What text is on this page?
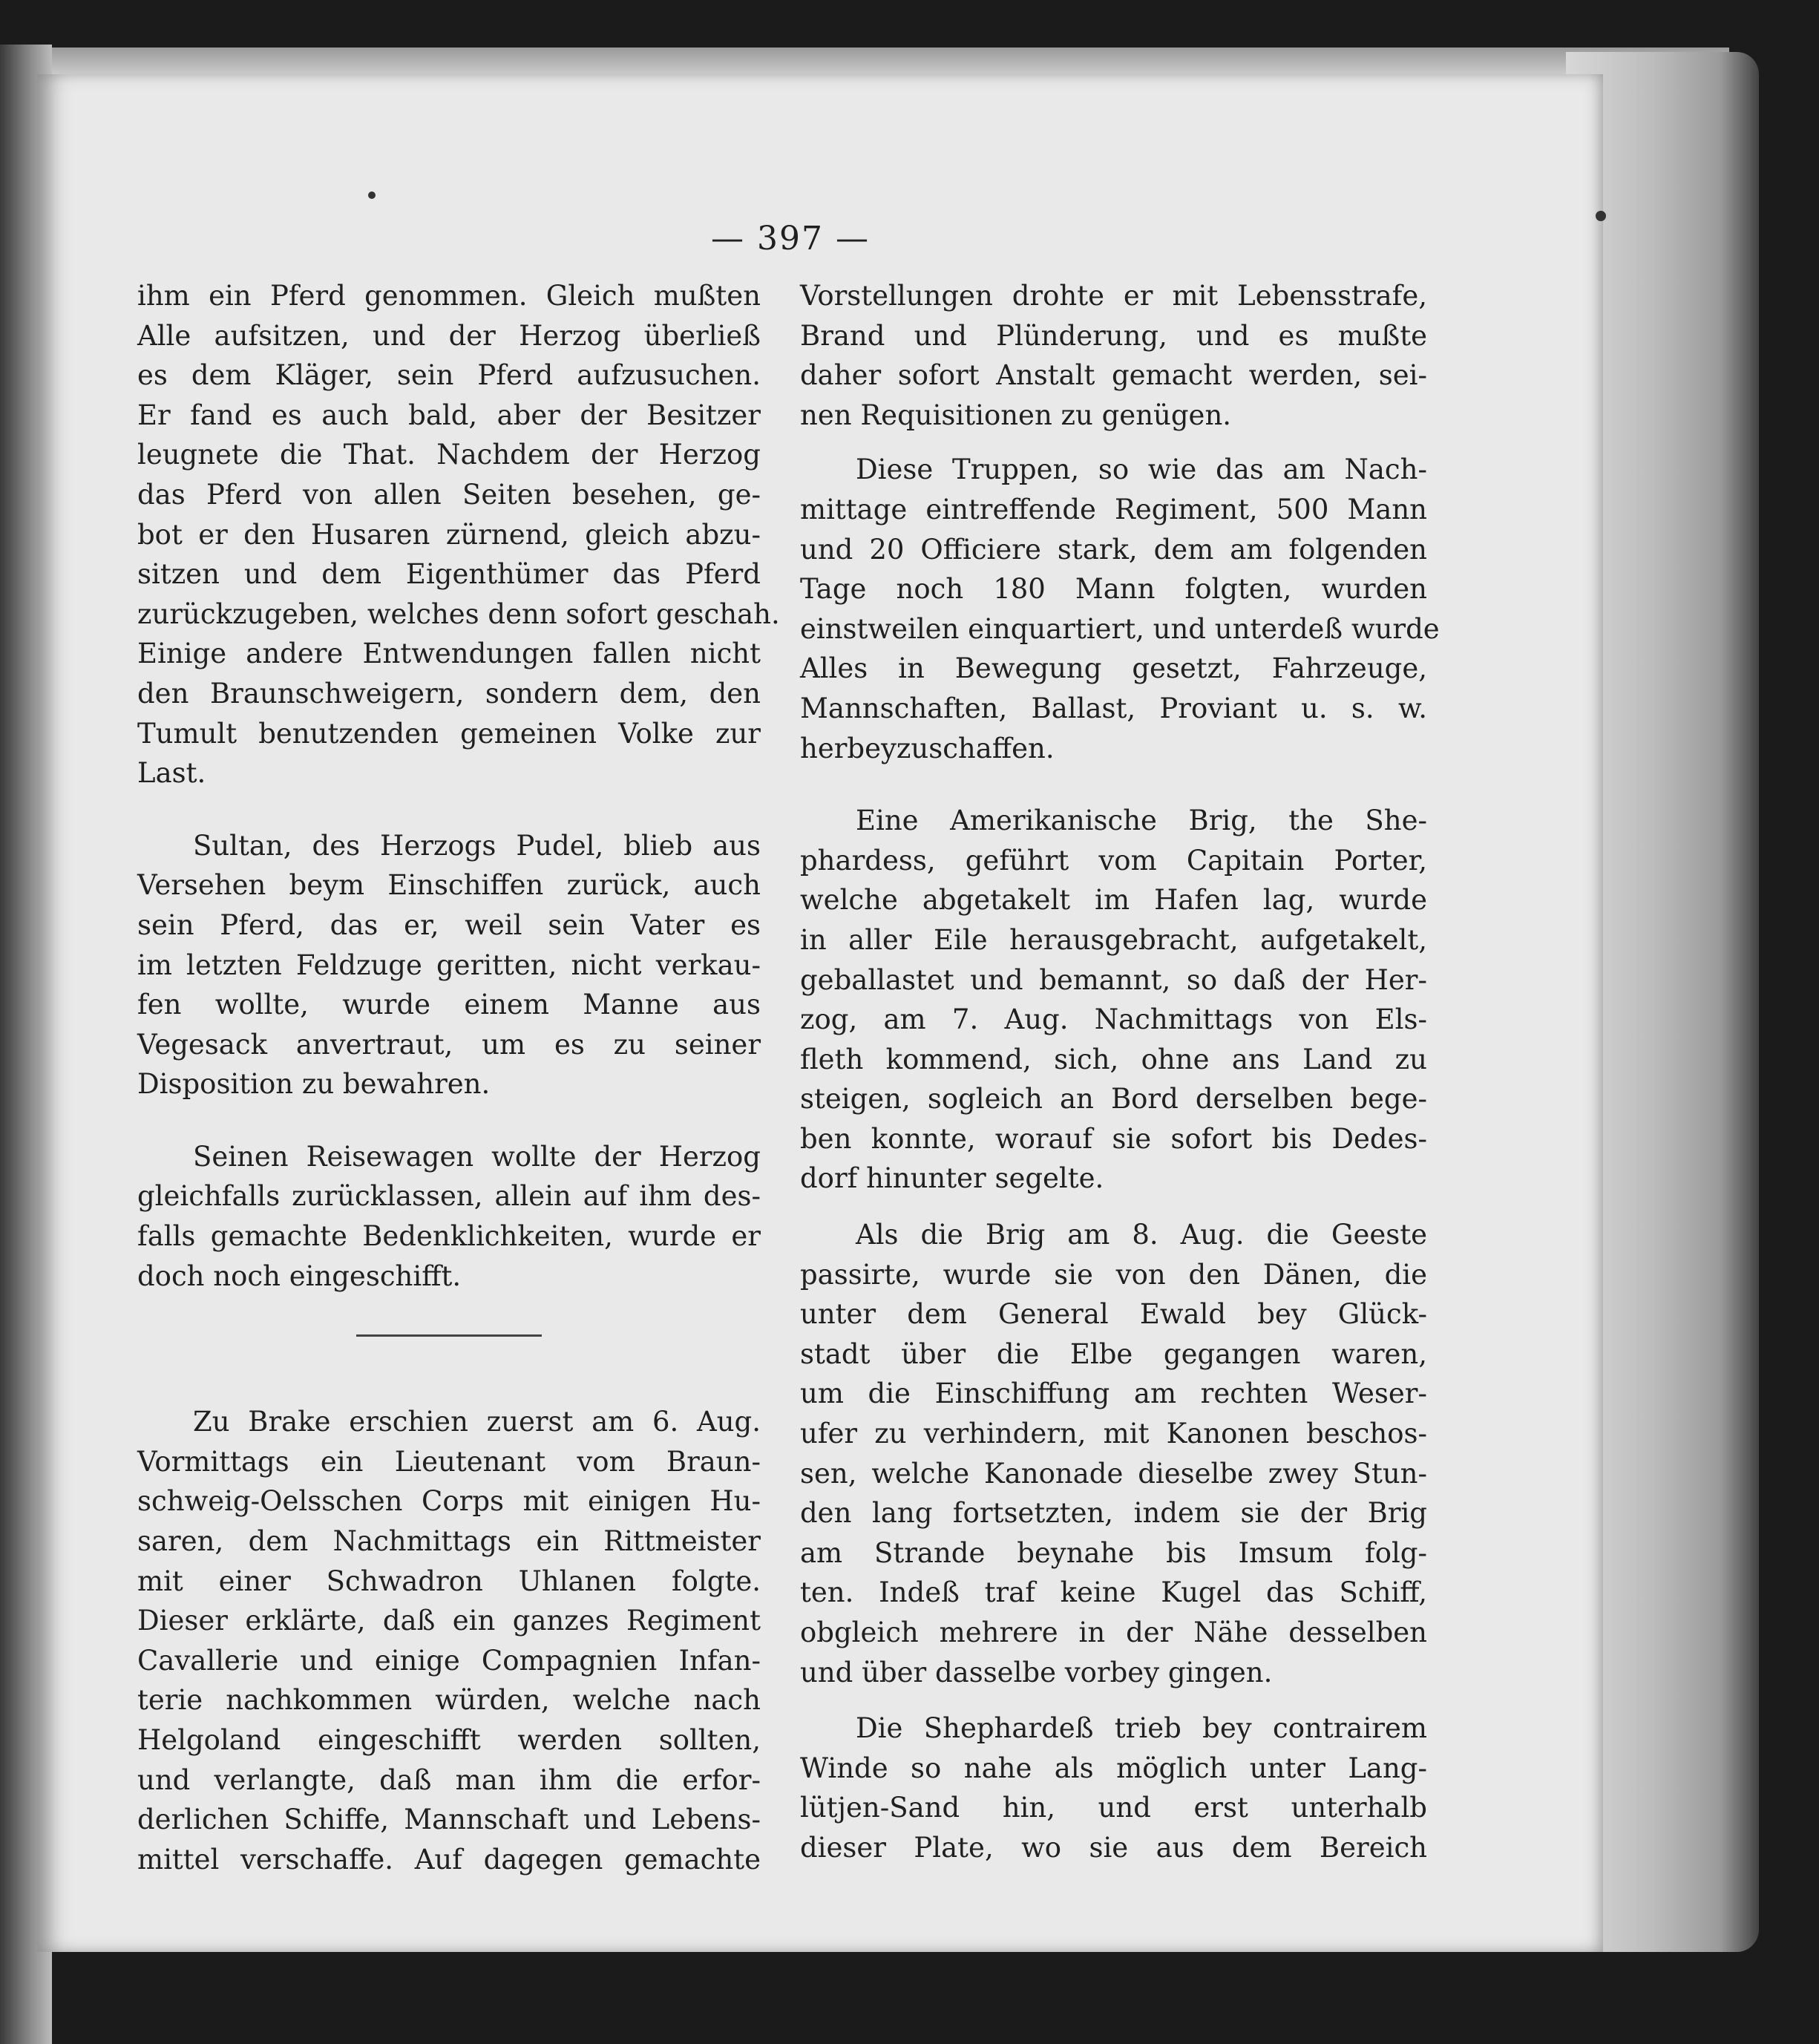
— 397 —
ihm ein Pferd genommen. Gleich mußten
Alle aufsitzen, und der Herzog überließ
es dem Kläger, sein Pferd aufzusuchen.
Er fand es auch bald, aber der Besitzer
leugnete die That. Nachdem der Herzog
das Pferd von allen Seiten besehen, ge-
bot er den Husaren zürnend, gleich abzu-
sitzen und dem Eigenthümer das Pferd
zurückzugeben, welches denn sofort geschah.
Einige andere Entwendungen fallen nicht
den Braunschweigern, sondern dem, den
Tumult benutzenden gemeinen Volke zur
Last.
Sultan, des Herzogs Pudel, blieb aus
Versehen beym Einschiffen zurück, auch
sein Pferd, das er, weil sein Vater es
im letzten Feldzuge geritten, nicht verkau-
fen wollte, wurde einem Manne aus
Vegesack anvertraut, um es zu seiner
Disposition zu bewahren.
Seinen Reisewagen wollte der Herzog
gleichfalls zurücklassen, allein auf ihm des-
falls gemachte Bedenklichkeiten, wurde er
doch noch eingeschifft.
Zu Brake erschien zuerst am 6. Aug.
Vormittags ein Lieutenant vom Braun-
schweig-Oelsschen Corps mit einigen Hu-
saren, dem Nachmittags ein Rittmeister
mit einer Schwadron Uhlanen folgte.
Dieser erklärte, daß ein ganzes Regiment
Cavallerie und einige Compagnien Infan-
terie nachkommen würden, welche nach
Helgoland eingeschifft werden sollten,
und verlangte, daß man ihm die erfor-
derlichen Schiffe, Mannschaft und Lebens-
mittel verschaffe. Auf dagegen gemachte
Vorstellungen drohte er mit Lebensstrafe,
Brand und Plünderung, und es mußte
daher sofort Anstalt gemacht werden, sei-
nen Requisitionen zu genügen.
Diese Truppen, so wie das am Nach-
mittage eintreffende Regiment, 500 Mann
und 20 Officiere stark, dem am folgenden
Tage noch 180 Mann folgten, wurden
einstweilen einquartiert, und unterdeß wurde
Alles in Bewegung gesetzt, Fahrzeuge,
Mannschaften, Ballast, Proviant u. s. w.
herbeyzuschaffen.
Eine Amerikanische Brig, the She-
phardess, geführt vom Capitain Porter,
welche abgetakelt im Hafen lag, wurde
in aller Eile herausgebracht, aufgetakelt,
geballastet und bemannt, so daß der Her-
zog, am 7. Aug. Nachmittags von Els-
fleth kommend, sich, ohne ans Land zu
steigen, sogleich an Bord derselben bege-
ben konnte, worauf sie sofort bis Dedes-
dorf hinunter segelte.
Als die Brig am 8. Aug. die Geeste
passirte, wurde sie von den Dänen, die
unter dem General Ewald bey Glück-
stadt über die Elbe gegangen waren,
um die Einschiffung am rechten Weser-
ufer zu verhindern, mit Kanonen beschos-
sen, welche Kanonade dieselbe zwey Stun-
den lang fortsetzten, indem sie der Brig
am Strande beynahe bis Imsum folg-
ten. Indeß traf keine Kugel das Schiff,
obgleich mehrere in der Nähe desselben
und über dasselbe vorbey gingen.
Die Shephardeß trieb bey contrairem
Winde so nahe als möglich unter Lang-
lütjen-Sand hin, und erst unterhalb
dieser Plate, wo sie aus dem Bereich
